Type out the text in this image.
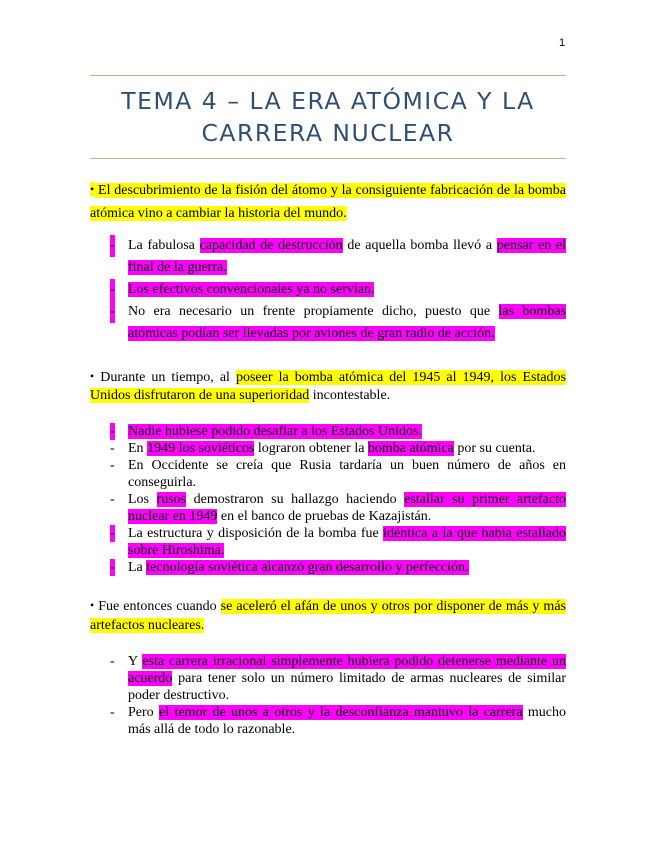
1
TEMA 4 – LA ERA ATÓMICA Y LA
CARRERA NUCLEAR

• El descubrimiento de la fisión del átomo y la consiguiente fabricación de la bomba atómica vino a cambiar la historia del mundo.

- La fabulosa capacidad de destrucción de aquella bomba llevó a pensar en el final de la guerra.
- Los efectivos convencionales ya no servían.
- No era necesario un frente propiamente dicho, puesto que las bombas atómicas podían ser llevadas por aviones de gran radio de acción.

• Durante un tiempo, al poseer la bomba atómica del 1945 al 1949, los Estados Unidos disfrutaron de una superioridad incontestable.

- Nadie hubiese podido desafiar a los Estados Unidos.
- En 1949 los soviéticos lograron obtener la bomba atómica por su cuenta.
- En Occidente se creía que Rusia tardaría un buen número de años en conseguirla.
- Los rusos demostraron su hallazgo haciendo estallar su primer artefacto nuclear en 1949 en el banco de pruebas de Kazajistán.
- La estructura y disposición de la bomba fue idéntica a la que había estallado sobre Hiroshima.
- La tecnología soviética alcanzó gran desarrollo y perfección.

• Fue entonces cuando se aceleró el afán de unos y otros por disponer de más y más artefactos nucleares.

- Y esta carrera irracional simplemente hubiera podido detenerse mediante un acuerdo para tener solo un número limitado de armas nucleares de similar poder destructivo.
- Pero el temor de unos a otros y la desconfianza mantuvo la carrera mucho más allá de todo lo razonable.
